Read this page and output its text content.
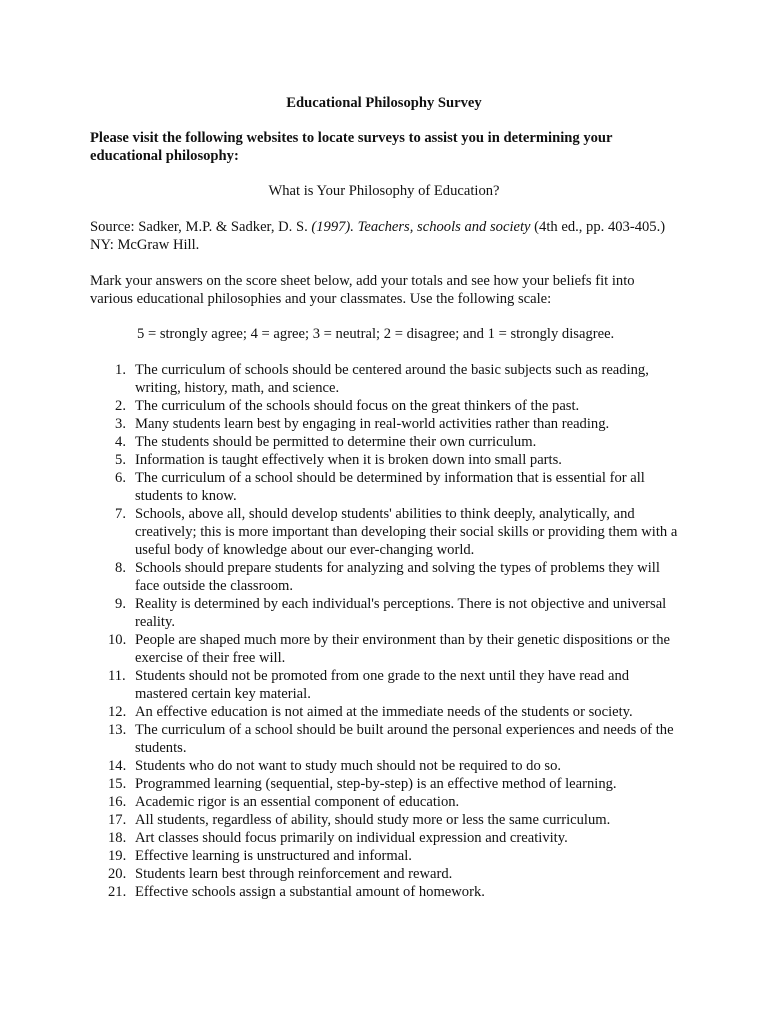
Educational Philosophy Survey
Please visit the following websites to locate surveys to assist you in determining your educational philosophy:
What is Your Philosophy of Education?
Source: Sadker, M.P. & Sadker, D. S. (1997). Teachers, schools and society (4th ed., pp. 403-405.) NY: McGraw Hill.
Mark your answers on the score sheet below, add your totals and see how your beliefs fit into various educational philosophies and your classmates. Use the following scale:
5 = strongly agree; 4 = agree; 3 = neutral; 2 = disagree; and 1 = strongly disagree.
1. The curriculum of schools should be centered around the basic subjects such as reading, writing, history, math, and science.
2. The curriculum of the schools should focus on the great thinkers of the past.
3. Many students learn best by engaging in real-world activities rather than reading.
4. The students should be permitted to determine their own curriculum.
5. Information is taught effectively when it is broken down into small parts.
6. The curriculum of a school should be determined by information that is essential for all students to know.
7. Schools, above all, should develop students' abilities to think deeply, analytically, and creatively; this is more important than developing their social skills or providing them with a useful body of knowledge about our ever-changing world.
8. Schools should prepare students for analyzing and solving the types of problems they will face outside the classroom.
9. Reality is determined by each individual's perceptions. There is not objective and universal reality.
10. People are shaped much more by their environment than by their genetic dispositions or the exercise of their free will.
11. Students should not be promoted from one grade to the next until they have read and mastered certain key material.
12. An effective education is not aimed at the immediate needs of the students or society.
13. The curriculum of a school should be built around the personal experiences and needs of the students.
14. Students who do not want to study much should not be required to do so.
15. Programmed learning (sequential, step-by-step) is an effective method of learning.
16. Academic rigor is an essential component of education.
17. All students, regardless of ability, should study more or less the same curriculum.
18. Art classes should focus primarily on individual expression and creativity.
19. Effective learning is unstructured and informal.
20. Students learn best through reinforcement and reward.
21. Effective schools assign a substantial amount of homework.
